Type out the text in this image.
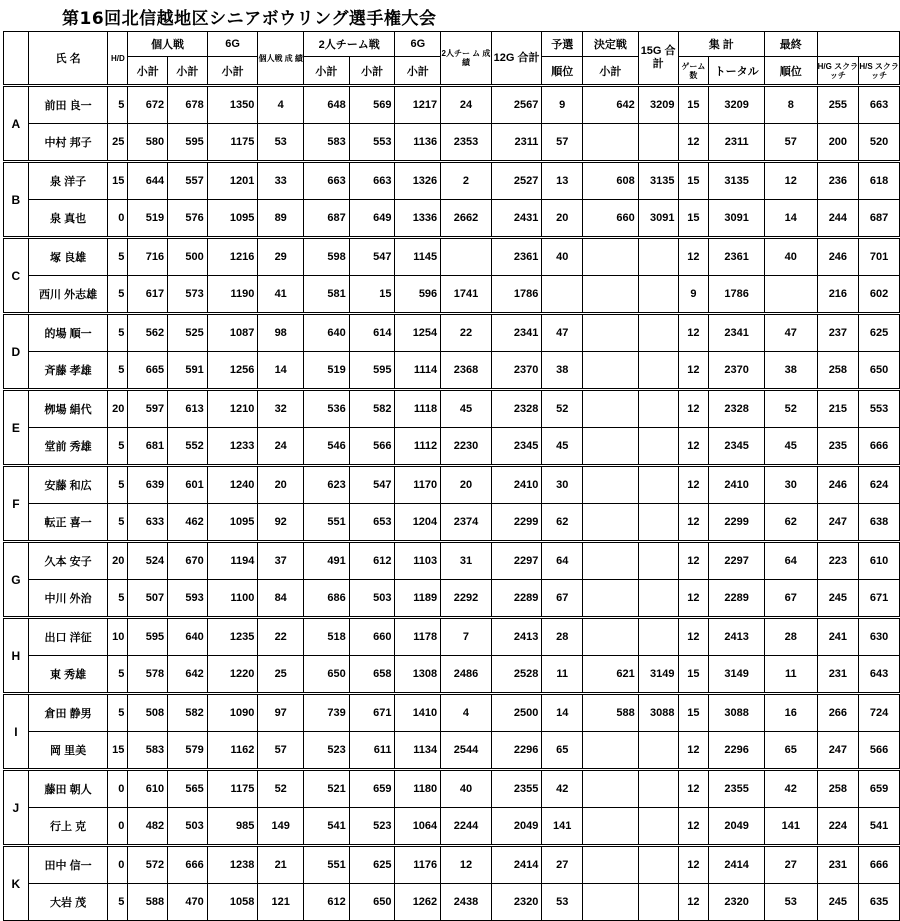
第16回北信越地区シニアボウリング選手権大会
	氏 名	H/D	個人戦		6G	個人戦 成 績	2人チーム戦		6G	2人チー ム 成 績	12G 合計	予選	決定戦	15G 合計	集 計		最終		
			小計	小計	小計		小計	小計	小計			順位	小計		ゲーム 数	トータル	順位	H/G スクラッチ	H/S スクラッチ
A	前田 良一	5	672	678	1350	4	648	569	1217	24	2567	9	642	3209	15	3209	8	255	663
	中村 邦子	25	580	595	1175	53	583	553	1136	2353	2311	57			12	2311	57	200	520
B	泉 洋子	15	644	557	1201	33	663	663	1326	2	2527	13	608	3135	15	3135	12	236	618
	泉 真也	0	519	576	1095	89	687	649	1336	2662	2431	20	660	3091	15	3091	14	244	687
C	塚 良雄	5	716	500	1216	29	598	547	1145		2361	40			12	2361	40	246	701
	西川 外志雄	5	617	573	1190	41	581	15	596	1741	1786				9	1786		216	602
D	的場 順一	5	562	525	1087	98	640	614	1254	22	2341	47			12	2341	47	237	625
	斉藤 孝雄	5	665	591	1256	14	519	595	1114	2368	2370	38			12	2370	38	258	650
E	栁場 絹代	20	597	613	1210	32	536	582	1118	45	2328	52			12	2328	52	215	553
	堂前 秀雄	5	681	552	1233	24	546	566	1112	2230	2345	45			12	2345	45	235	666
F	安藤 和広	5	639	601	1240	20	623	547	1170	20	2410	30			12	2410	30	246	624
	転正 喜一	5	633	462	1095	92	551	653	1204	2374	2299	62			12	2299	62	247	638
G	久本 安子	20	524	670	1194	37	491	612	1103	31	2297	64			12	2297	64	223	610
	中川 外治	5	507	593	1100	84	686	503	1189	2292	2289	67			12	2289	67	245	671
H	出口 洋征	10	595	640	1235	22	518	660	1178	7	2413	28			12	2413	28	241	630
	東 秀雄	5	578	642	1220	25	650	658	1308	2486	2528	11	621	3149	15	3149	11	231	643
I	倉田 静男	5	508	582	1090	97	739	671	1410	4	2500	14	588	3088	15	3088	16	266	724
	岡 里美	15	583	579	1162	57	523	611	1134	2544	2296	65			12	2296	65	247	566
J	藤田 朝人	0	610	565	1175	52	521	659	1180	40	2355	42			12	2355	42	258	659
	行上 克	0	482	503	985	149	541	523	1064	2244	2049	141			12	2049	141	224	541
K	田中 信一	0	572	666	1238	21	551	625	1176	12	2414	27			12	2414	27	231	666
	大岩 茂	5	588	470	1058	121	612	650	1262	2438	2320	53			12	2320	53	245	635
